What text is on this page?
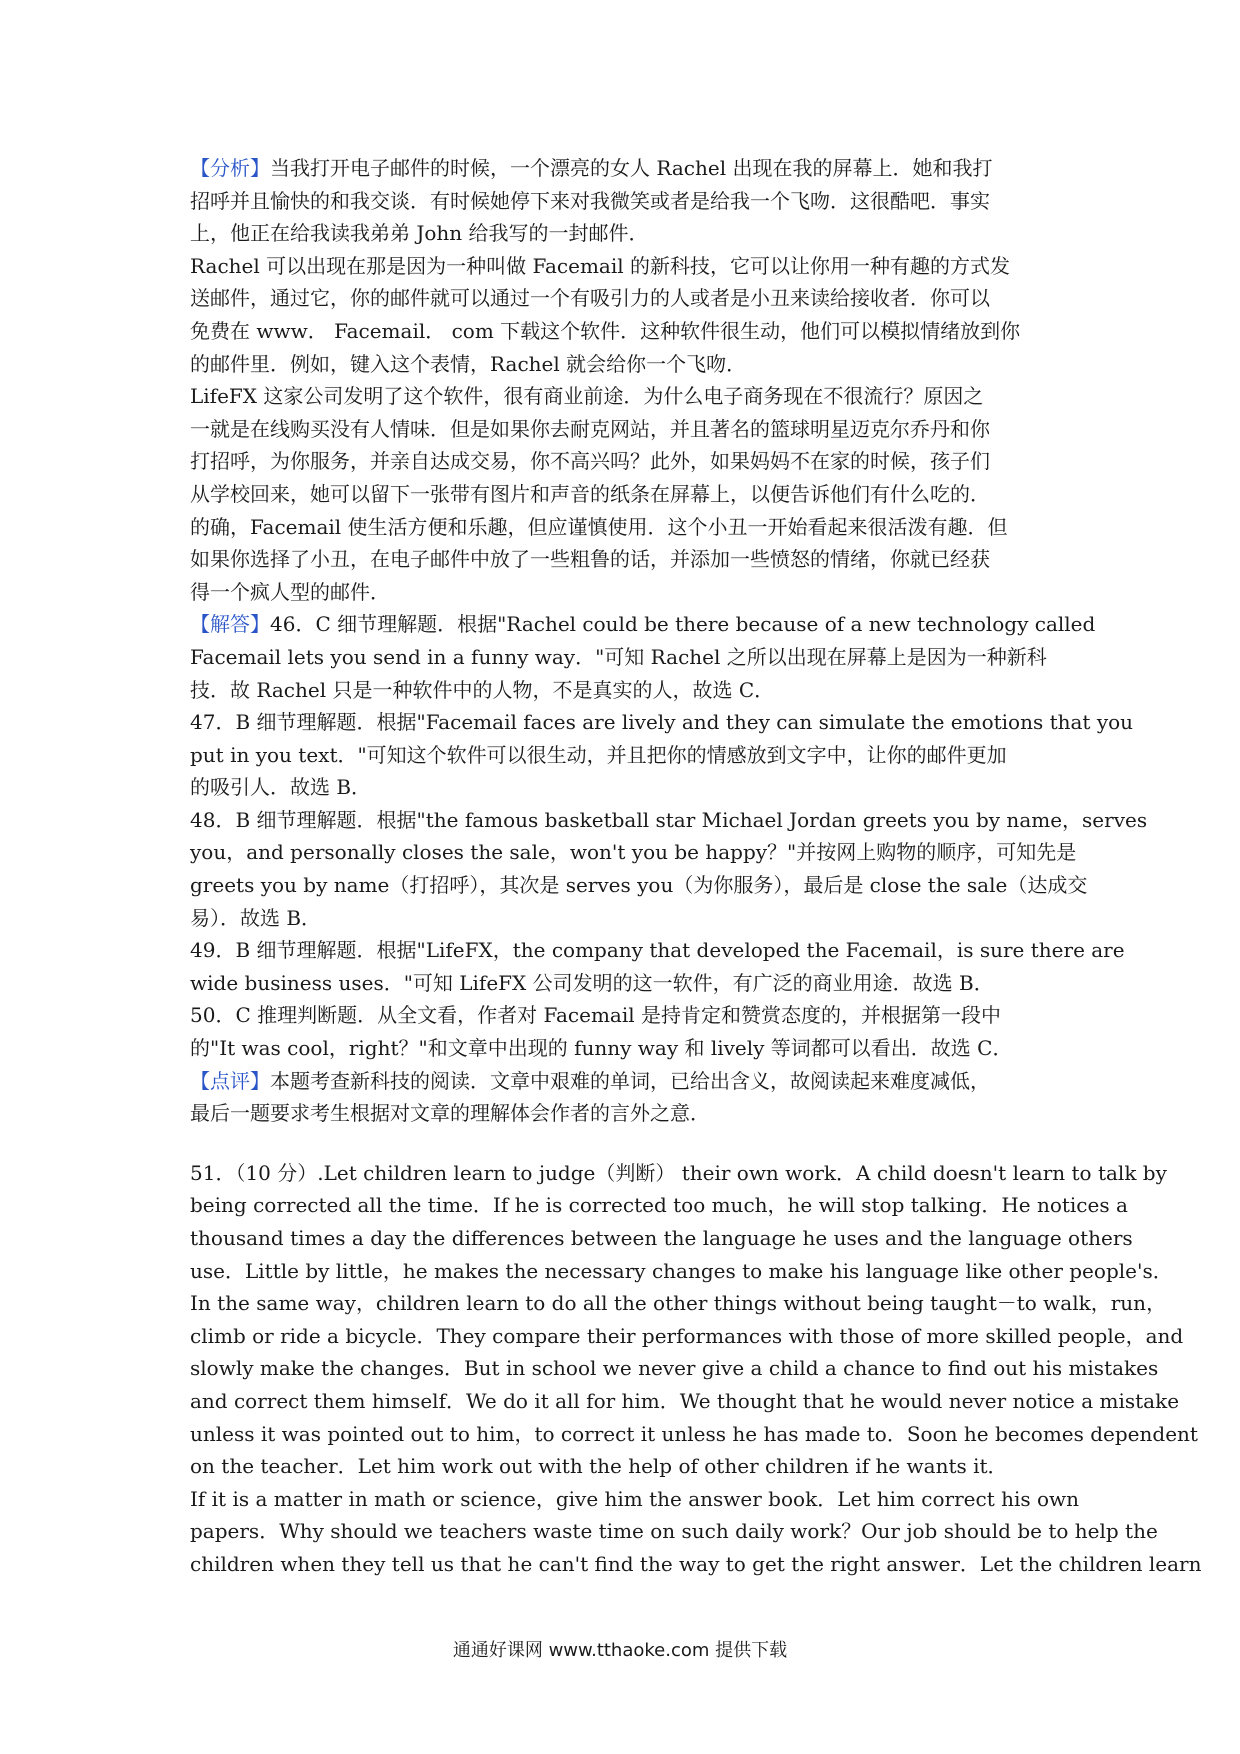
【分析】当我打开电子邮件的时候，一个漂亮的女人 Rachel 出现在我的屏幕上．她和我打
招呼并且愉快的和我交谈．有时候她停下来对我微笑或者是给我一个飞吻．这很酷吧．事实
上，他正在给我读我弟弟 John 给我写的一封邮件．
Rachel 可以出现在那是因为一种叫做 Facemail 的新科技，它可以让你用一种有趣的方式发
送邮件，通过它，你的邮件就可以通过一个有吸引力的人或者是小丑来读给接收者．你可以
免费在 www． Facemail． com 下载这个软件．这种软件很生动，他们可以模拟情绪放到你
的邮件里．例如，键入这个表情，Rachel 就会给你一个飞吻．
LifeFX 这家公司发明了这个软件，很有商业前途．为什么电子商务现在不很流行？原因之
一就是在线购买没有人情味．但是如果你去耐克网站，并且著名的篮球明星迈克尔乔丹和你
打招呼，为你服务，并亲自达成交易，你不高兴吗？此外，如果妈妈不在家的时候，孩子们
从学校回来，她可以留下一张带有图片和声音的纸条在屏幕上，以便告诉他们有什么吃的．
的确，Facemail 使生活方便和乐趣，但应谨慎使用．这个小丑一开始看起来很活泼有趣．但
如果你选择了小丑，在电子邮件中放了一些粗鲁的话，并添加一些愤怒的情绪，你就已经获
得一个疯人型的邮件．
【解答】46．C 细节理解题．根据"Rachel could be there because of a new technology called
Facemail lets you send in a funny way．"可知 Rachel 之所以出现在屏幕上是因为一种新科
技．故 Rachel 只是一种软件中的人物，不是真实的人，故选 C．
47．B 细节理解题．根据"Facemail faces are lively and they can simulate the emotions that you
put in you text．"可知这个软件可以很生动，并且把你的情感放到文字中，让你的邮件更加
的吸引人．故选 B．
48．B 细节理解题．根据"the famous basketball star Michael Jordan greets you by name，serves
you，and personally closes the sale，won't you be happy？"并按网上购物的顺序，可知先是
greets you by name（打招呼），其次是 serves you（为你服务），最后是 close the sale（达成交
易）．故选 B．
49．B 细节理解题．根据"LifeFX，the company that developed the Facemail，is sure there are
wide business uses．"可知 LifeFX 公司发明的这一软件，有广泛的商业用途．故选 B．
50．C 推理判断题．从全文看，作者对 Facemail 是持肯定和赞赏态度的，并根据第一段中
的"It was cool，right？"和文章中出现的 funny way 和 lively 等词都可以看出．故选 C．
【点评】本题考查新科技的阅读．文章中艰难的单词，已给出含义，故阅读起来难度减低，
最后一题要求考生根据对文章的理解体会作者的言外之意．
51．（10 分）.Let children learn to judge（判断） their own work．A child doesn't learn to talk by
being corrected all the time．If he is corrected too much，he will stop talking．He notices a
thousand times a day the differences between the language he uses and the language others
use．Little by little，he makes the necessary changes to make his language like other people's．
In the same way，children learn to do all the other things without being taught－to walk，run，
climb or ride a bicycle．They compare their performances with those of more skilled people，and
slowly make the changes．But in school we never give a child a chance to find out his mistakes
and correct them himself．We do it all for him．We thought that he would never notice a mistake
unless it was pointed out to him，to correct it unless he has made to．Soon he becomes dependent
on the teacher．Let him work out with the help of other children if he wants it．
If it is a matter in math or science，give him the answer book．Let him correct his own
papers．Why should we teachers waste time on such daily work？Our job should be to help the
children when they tell us that he can't find the way to get the right answer．Let the children learn
通通好课网 www.tthaoke.com 提供下载
